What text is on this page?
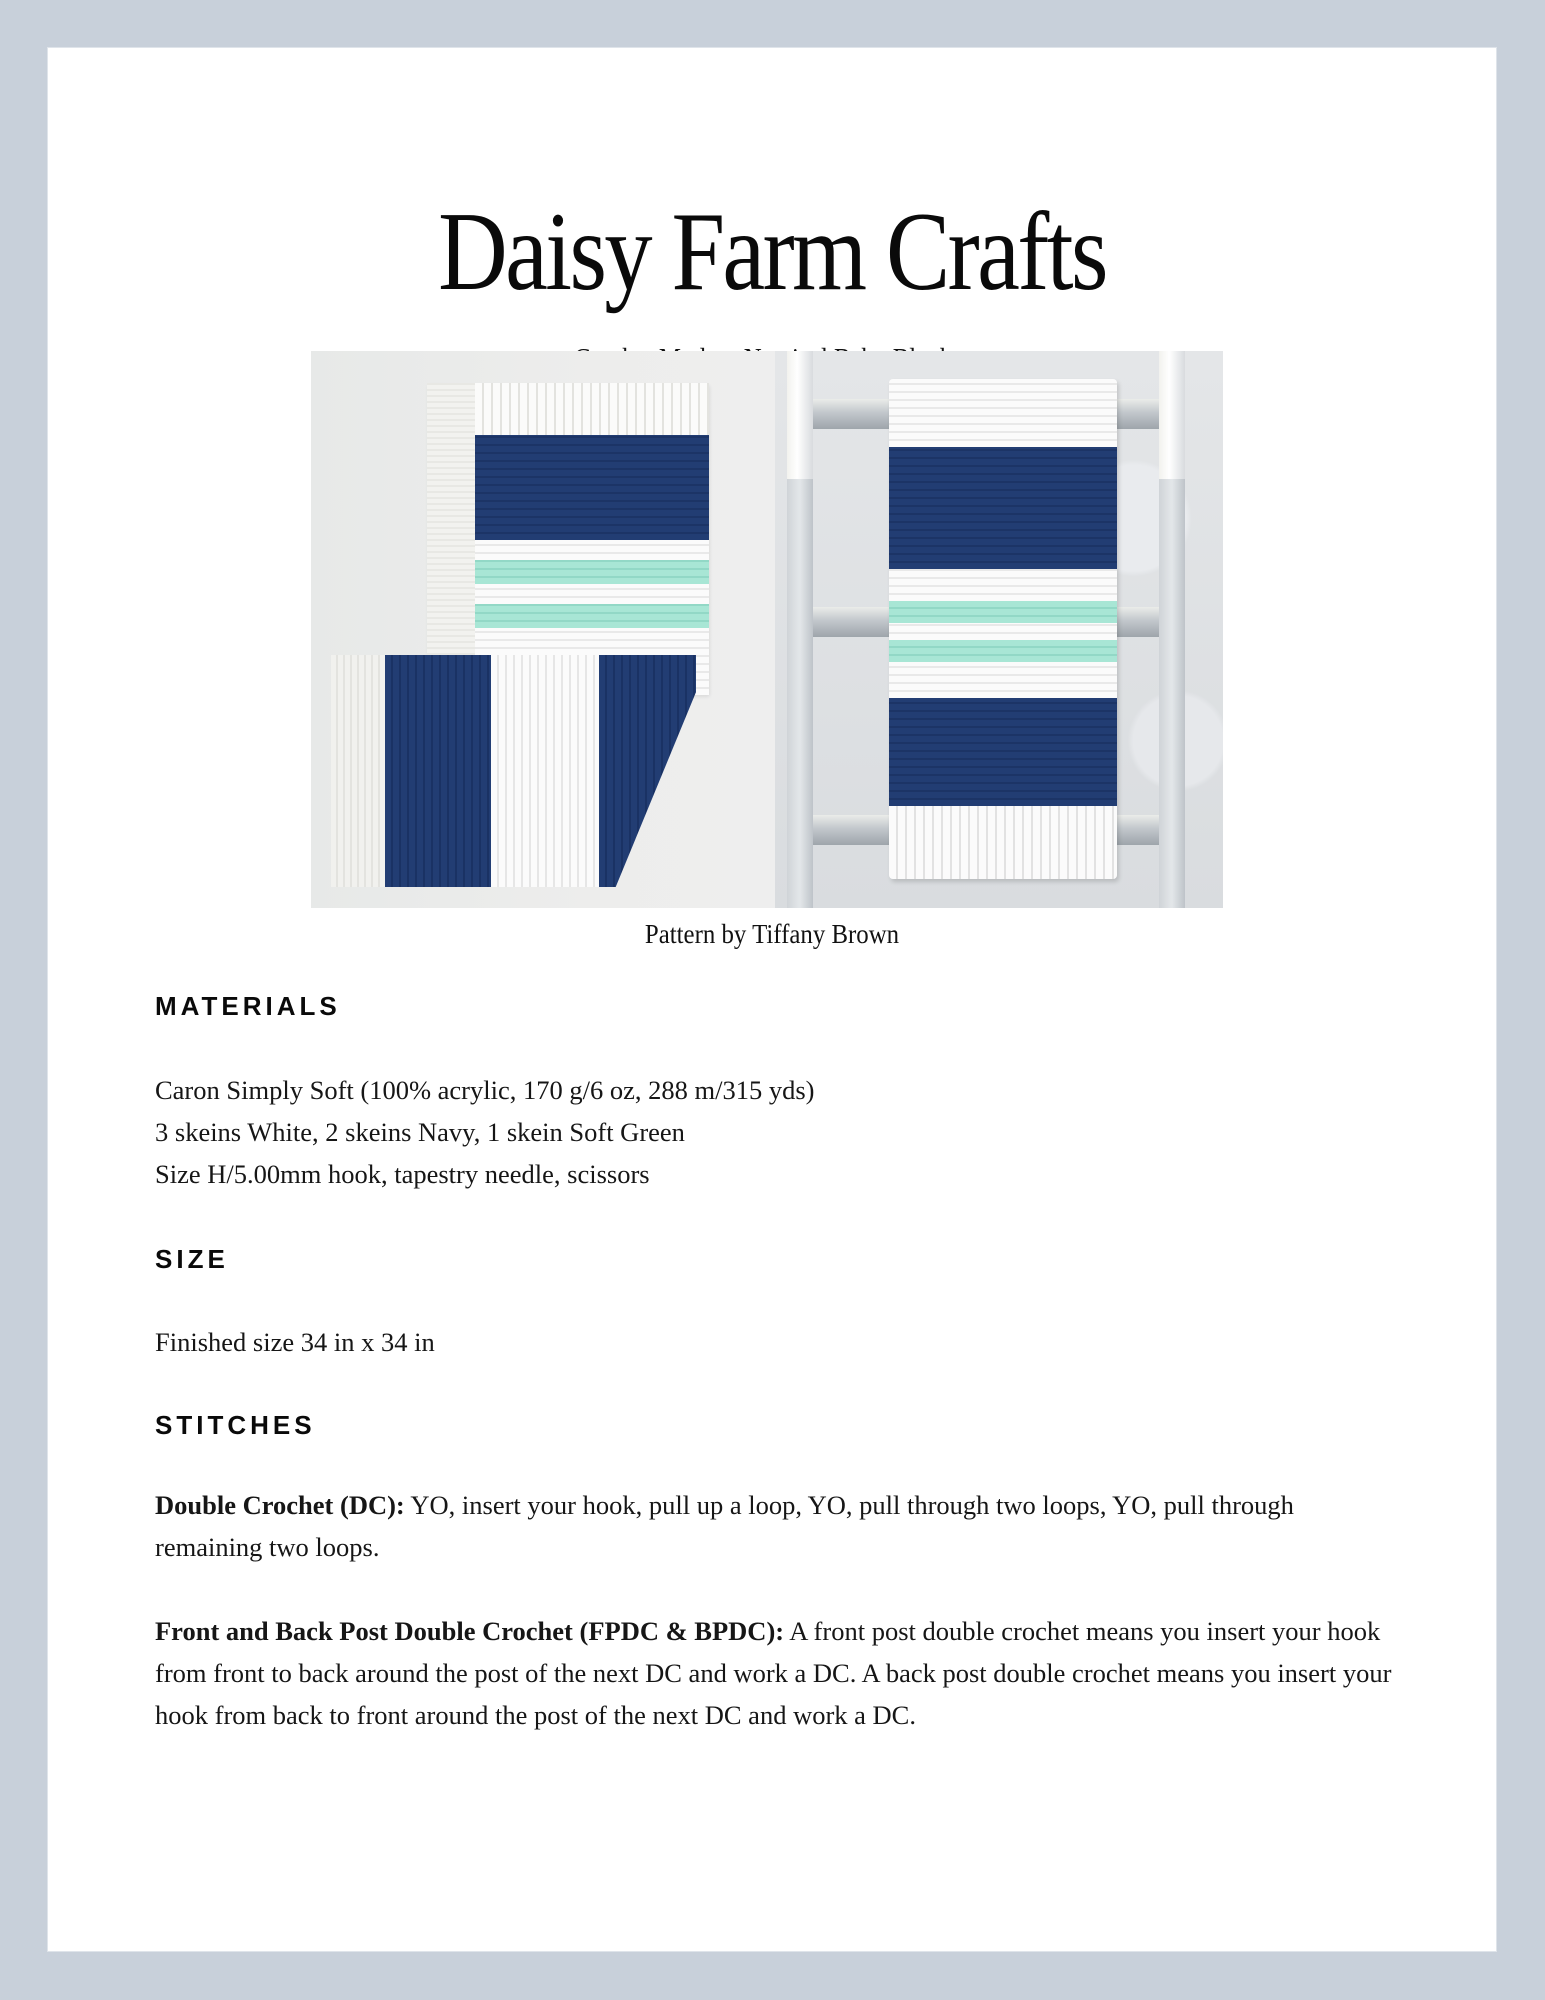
Daisy Farm Crafts
Pattern by Tiffany Brown
MATERIALS
Caron Simply Soft (100% acrylic, 170 g/6 oz, 288 m/315 yds)
3 skeins White, 2 skeins Navy, 1 skein Soft Green
Size H/5.00mm hook, tapestry needle, scissors
SIZE
Finished size 34 in x 34 in
STITCHES
Double Crochet (DC): YO, insert your hook, pull up a loop, YO, pull through two loops, YO, pull through remaining two loops.
Front and Back Post Double Crochet (FPDC & BPDC): A front post double crochet means you insert your hook from front to back around the post of the next DC and work a DC. A back post double crochet means you insert your hook from back to front around the post of the next DC and work a DC.
